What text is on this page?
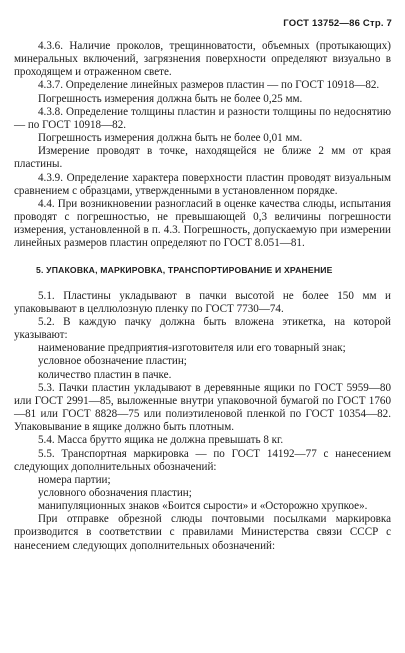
ГОСТ 13752—86 Стр. 7

4.3.6. Наличие проколов, трещинноватости, объемных (протыкающих) минеральных включений, загрязнения поверхности определяют визуально в проходящем и отраженном свете.

4.3.7. Определение линейных размеров пластин — по ГОСТ 10918—82.

Погрешность измерения должна быть не более 0,25 мм.

4.3.8. Определение толщины пластин и разности толщины по недоснятию — по ГОСТ 10918—82.

Погрешность измерения должна быть не более 0,01 мм.

Измерение проводят в точке, находящейся не ближе 2 мм от края пластины.

4.3.9. Определение характера поверхности пластин проводят визуальным сравнением с образцами, утвержденными в установленном порядке.

4.4. При возникновении разногласий в оценке качества слюды, испытания проводят с погрешностью, не превышающей 0,3 величины погрешности измерения, установленной в п. 4.3. Погрешность, допускаемую при измерении линейных размеров пластин определяют по ГОСТ 8.051—81.

5. УПАКОВКА, МАРКИРОВКА, ТРАНСПОРТИРОВАНИЕ И ХРАНЕНИЕ

5.1. Пластины укладывают в пачки высотой не более 150 мм и упаковывают в целлюлозную пленку по ГОСТ 7730—74.

5.2. В каждую пачку должна быть вложена этикетка, на которой указывают:

наименование предприятия-изготовителя или его товарный знак;

условное обозначение пластин;

количество пластин в пачке.

5.3. Пачки пластин укладывают в деревянные ящики по ГОСТ 5959—80 или ГОСТ 2991—85, выложенные внутри упаковочной бумагой по ГОСТ 1760—81 или ГОСТ 8828—75 или полиэтиленовой пленкой по ГОСТ 10354—82. Упаковывание в ящике должно быть плотным.

5.4. Масса брутто ящика не должна превышать 8 кг.

5.5. Транспортная маркировка — по ГОСТ 14192—77 с нанесением следующих дополнительных обозначений:

номера партии;

условного обозначения пластин;

манипуляционных знаков «Боится сырости» и «Осторожно хрупкое».

При отправке обрезной слюды почтовыми посылками маркировка производится в соответствии с правилами Министерства связи СССР с нанесением следующих дополнительных обозначений:
